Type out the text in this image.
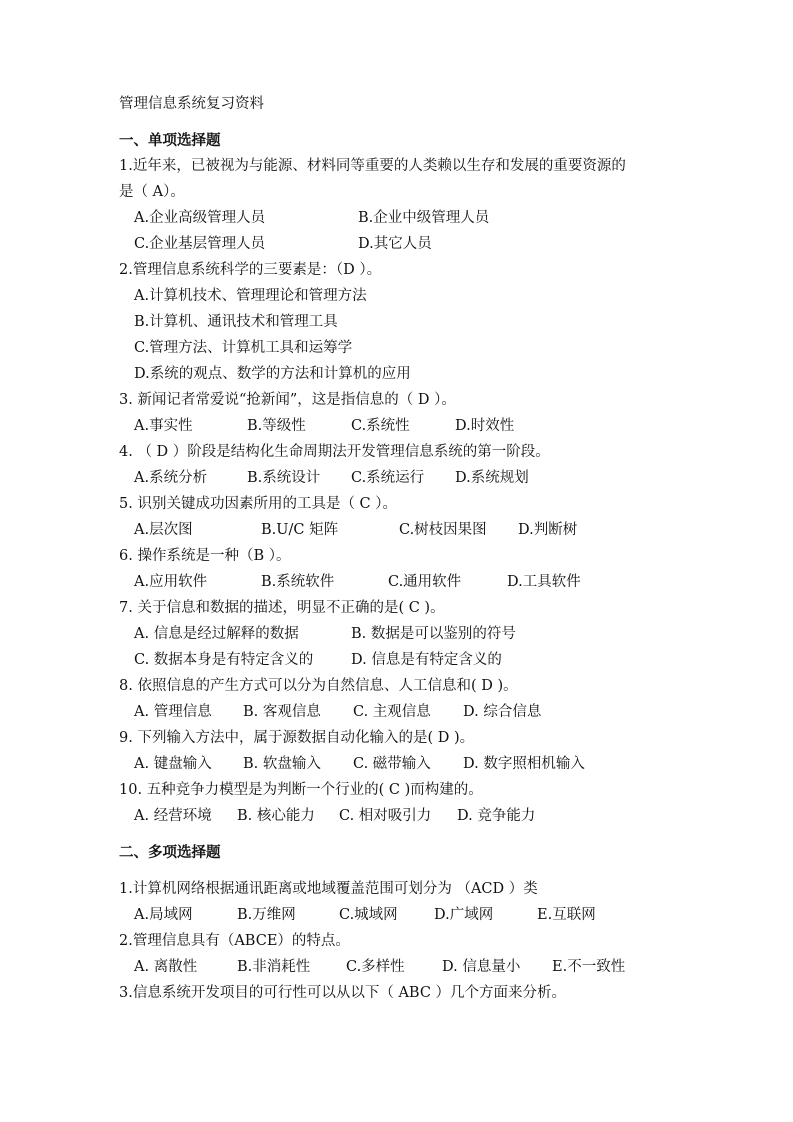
管理信息系统复习资料
一、单项选择题
1.近年来，已被视为与能源、材料同等重要的人类赖以生存和发展的重要资源的
是（ A）。
A.企业高级管理人员	B.企业中级管理人员
C.企业基层管理人员	D.其它人员
2.管理信息系统科学的三要素是：（D ）。
A.计算机技术、管理理论和管理方法
B.计算机、通讯技术和管理工具
C.管理方法、计算机工具和运筹学
D.系统的观点、数学的方法和计算机的应用
3. 新闻记者常爱说“抢新闻”，这是指信息的（ D ）。
A.事实性	B.等级性	C.系统性	D.时效性
4. （ D ）阶段是结构化生命周期法开发管理信息系统的第一阶段。
A.系统分析	B.系统设计 C.系统运行 D.系统规划
5. 识别关键成功因素所用的工具是（ C ）。
A.层次图	B.U/C 矩阵	C.树枝因果图 D.判断树
6. 操作系统是一种（B ）。
A.应用软件	B.系统软件	C.通用软件	D.工具软件
7. 关于信息和数据的描述，明显不正确的是( C )。
A. 信息是经过解释的数据	B. 数据是可以鉴别的符号
C. 数据本身是有特定含义的	D. 信息是有特定含义的
8. 依照信息的产生方式可以分为自然信息、人工信息和( D )。
A. 管理信息 B. 客观信息 C. 主观信息 D. 综合信息
9. 下列输入方法中，属于源数据自动化输入的是( D )。
A. 键盘输入 B. 软盘输入 C. 磁带输入 D. 数字照相机输入
10. 五种竞争力模型是为判断一个行业的( C )而构建的。
A. 经营环境 B. 核心能力 C. 相对吸引力 D. 竞争能力
二、多项选择题
1.计算机网络根据通讯距离或地域覆盖范围可划分为 （ACD ）类
A.局域网	B.万维网	C.城域网	D.广域网	E.互联网
2.管理信息具有（ABCE）的特点。
A. 离散性	B.非消耗性 C.多样性	D. 信息量小 E.不一致性
3.信息系统开发项目的可行性可以从以下（ ABC ）几个方面来分析。
